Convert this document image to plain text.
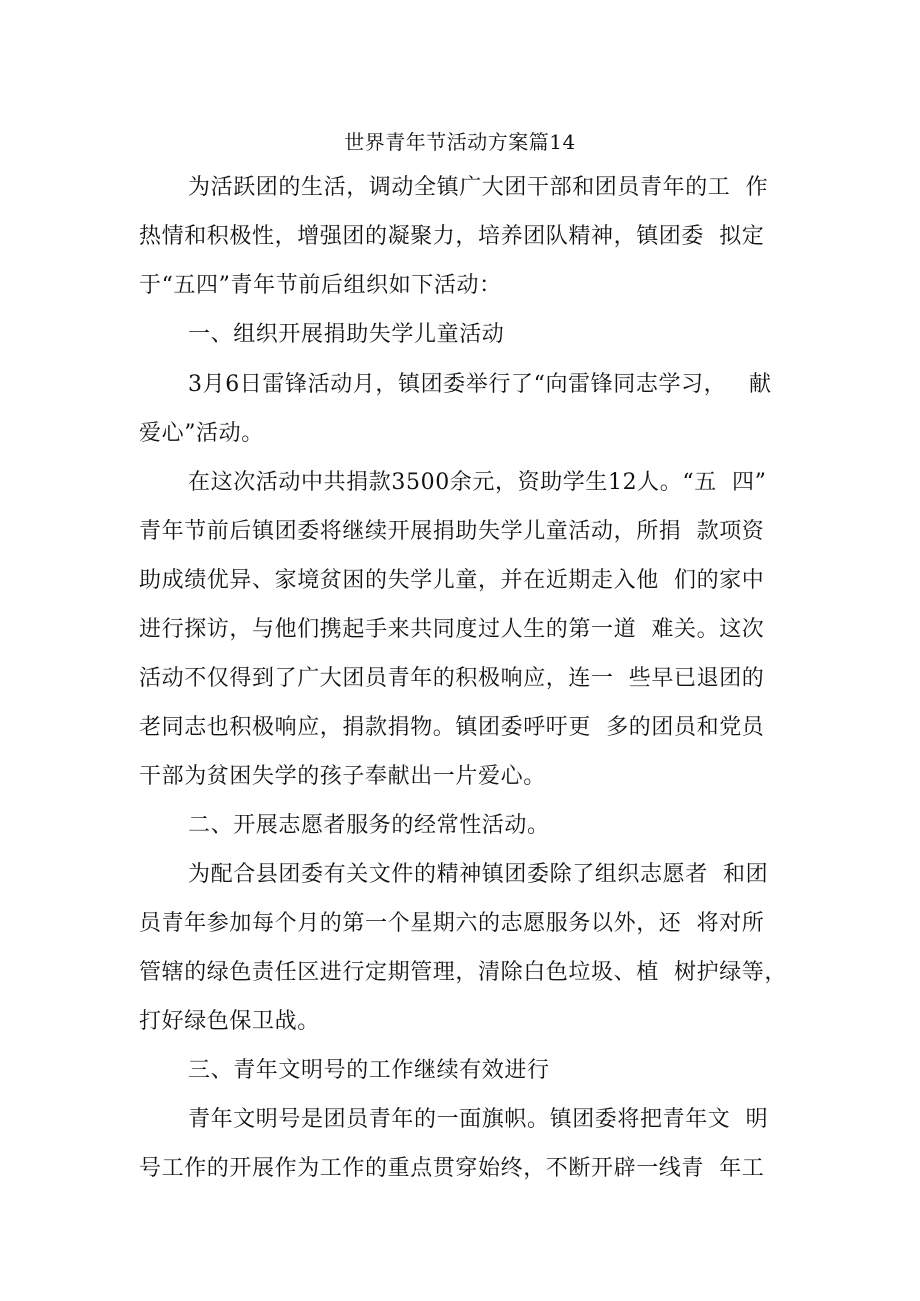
世界青年节活动方案篇14
为活跃团的生活，调动全镇广大团干部和团员青年的工  作
热情和积极性，增强团的凝聚力，培养团队精神，镇团委  拟定
于“五四”青年节前后组织如下活动：
一、组织开展捐助失学儿童活动
3月6日雷锋活动月，镇团委举行了“向雷锋同志学习，   献
爱心”活动。
在这次活动中共捐款3500余元，资助学生12人。“五  四”
青年节前后镇团委将继续开展捐助失学儿童活动，所捐  款项资
助成绩优异、家境贫困的失学儿童，并在近期走入他  们的家中
进行探访，与他们携起手来共同度过人生的第一道  难关。这次
活动不仅得到了广大团员青年的积极响应，连一  些早已退团的
老同志也积极响应，捐款捐物。镇团委呼吁更  多的团员和党员
干部为贫困失学的孩子奉献出一片爱心。
二、开展志愿者服务的经常性活动。
为配合县团委有关文件的精神镇团委除了组织志愿者  和团
员青年参加每个月的第一个星期六的志愿服务以外，还  将对所
管辖的绿色责任区进行定期管理，清除白色垃圾、植  树护绿等，
打好绿色保卫战。
三、青年文明号的工作继续有效进行
青年文明号是团员青年的一面旗帜。镇团委将把青年文  明
号工作的开展作为工作的重点贯穿始终，不断开辟一线青  年工
